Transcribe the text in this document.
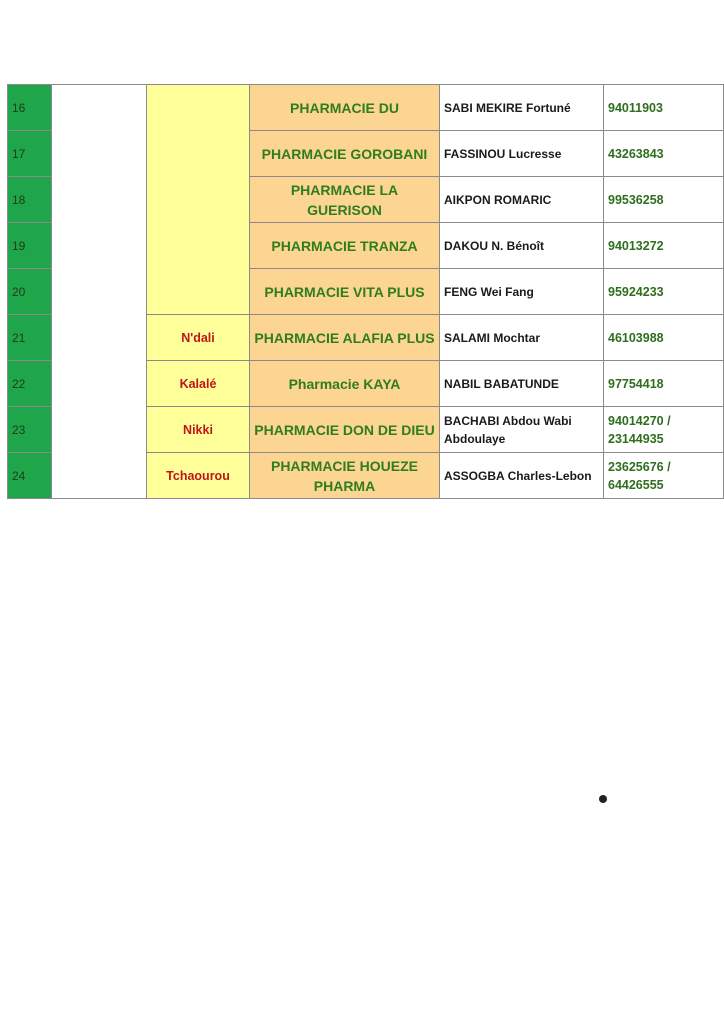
16			PHARMACIE DU	SABI MEKIRE Fortuné	94011903
17			PHARMACIE GOROBANI	FASSINOU Lucresse	43263843
18			PHARMACIE LA GUERISON	AIKPON ROMARIC	99536258
19			PHARMACIE TRANZA	DAKOU N. Bénoît	94013272
20			PHARMACIE VITA PLUS	FENG Wei Fang	95924233
21		N'dali	PHARMACIE ALAFIA PLUS	SALAMI Mochtar	46103988
22		Kalalé	Pharmacie KAYA	NABIL BABATUNDE	97754418
23		Nikki	PHARMACIE DON DE DIEU	BACHABI Abdou Wabi Abdoulaye	94014270 / 23144935
24		Tchaourou	PHARMACIE HOUEZE PHARMA	ASSOGBA Charles-Lebon	23625676 / 64426555
